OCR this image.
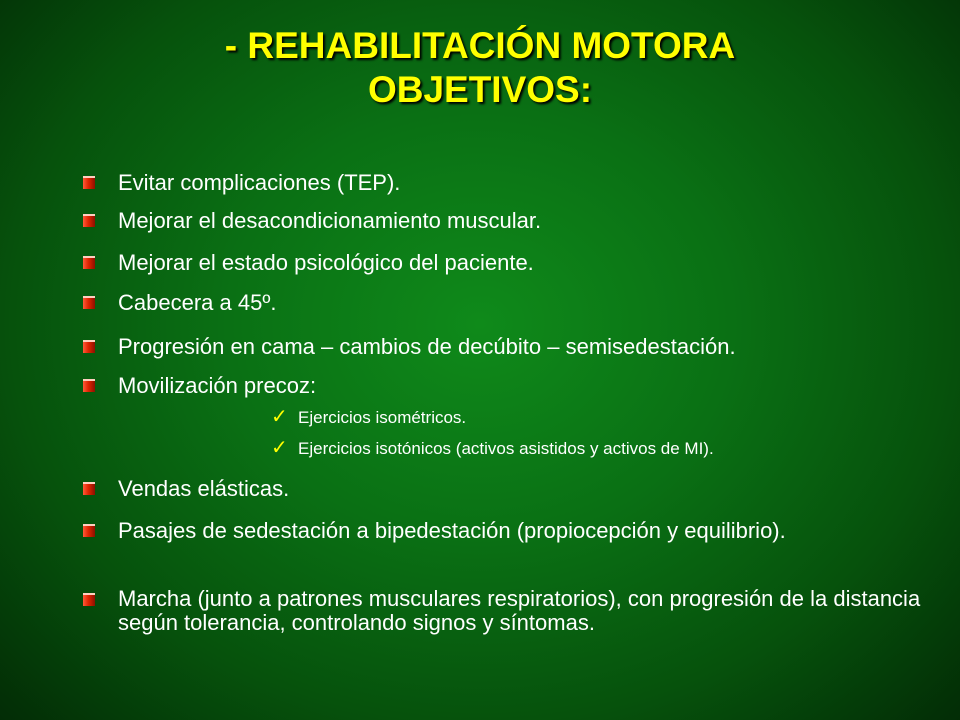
- REHABILITACIÓN MOTORA
OBJETIVOS:
Evitar complicaciones (TEP).
Mejorar el desacondicionamiento muscular.
Mejorar el estado psicológico del paciente.
Cabecera a 45º.
Progresión en cama – cambios de decúbito – semisedestación.
Movilización precoz:
✓ Ejercicios isométricos.
✓ Ejercicios isotónicos (activos asistidos y activos de MI).
Vendas elásticas.
Pasajes de sedestación a bipedestación (propiocepción y equilibrio).
Marcha (junto a patrones musculares respiratorios), con progresión de la distancia según tolerancia, controlando signos y síntomas.
